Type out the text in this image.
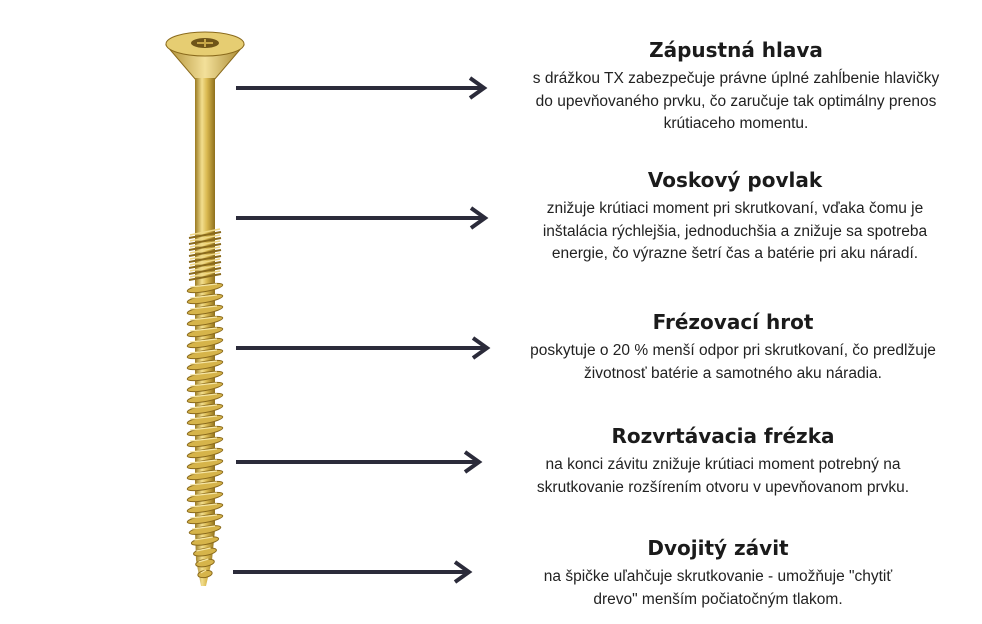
Zápustná hlava

s drážkou TX zabezpečuje právne úplné zahĺbenie hlavičky
do upevňovaného prvku, čo zaručuje tak optimálny prenos
krútiaceho momentu.

Voskový povlak

znižuje krútiaci moment pri skrutkovaní, vďaka čomu je
inštalácia rýchlejšia, jednoduchšia a znižuje sa spotreba
energie, čo výrazne šetrí čas a batérie pri aku náradí.

Frézovací hrot

poskytuje o 20 % menší odpor pri skrutkovaní, čo predlžuje
životnosť batérie a samotného aku náradia.

Rozvrtávacia frézka

na konci závitu znižuje krútiaci moment potrebný na
skrutkovanie rozšírením otvoru v upevňovanom prvku.

Dvojitý závit

na špičke uľahčuje skrutkovanie - umožňuje "chytiť
drevo" menším počiatočným tlakom.
